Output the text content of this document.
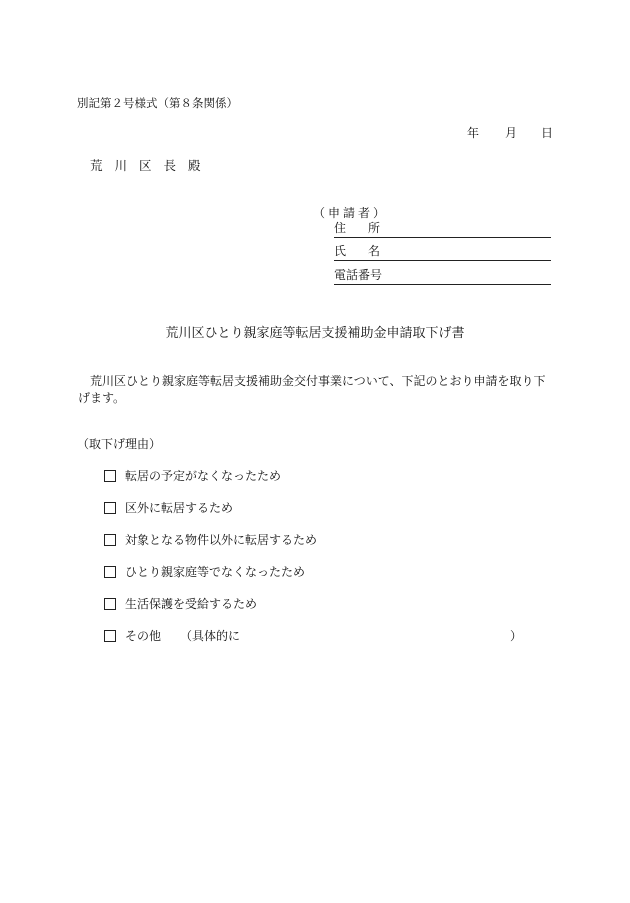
別記第２号様式（第８条関係）
年 月 日
荒川区長殿
（申請者）
住所
氏名
電話番号
荒川区ひとり親家庭等転居支援補助金申請取下げ書
荒川区ひとり親家庭等転居支援補助金交付事業について、下記のとおり申請を取り下げます。
（取下げ理由）
転居の予定がなくなったため
区外に転居するため
対象となる物件以外に転居するため
ひとり親家庭等でなくなったため
生活保護を受給するため
その他 （具体的に	）
